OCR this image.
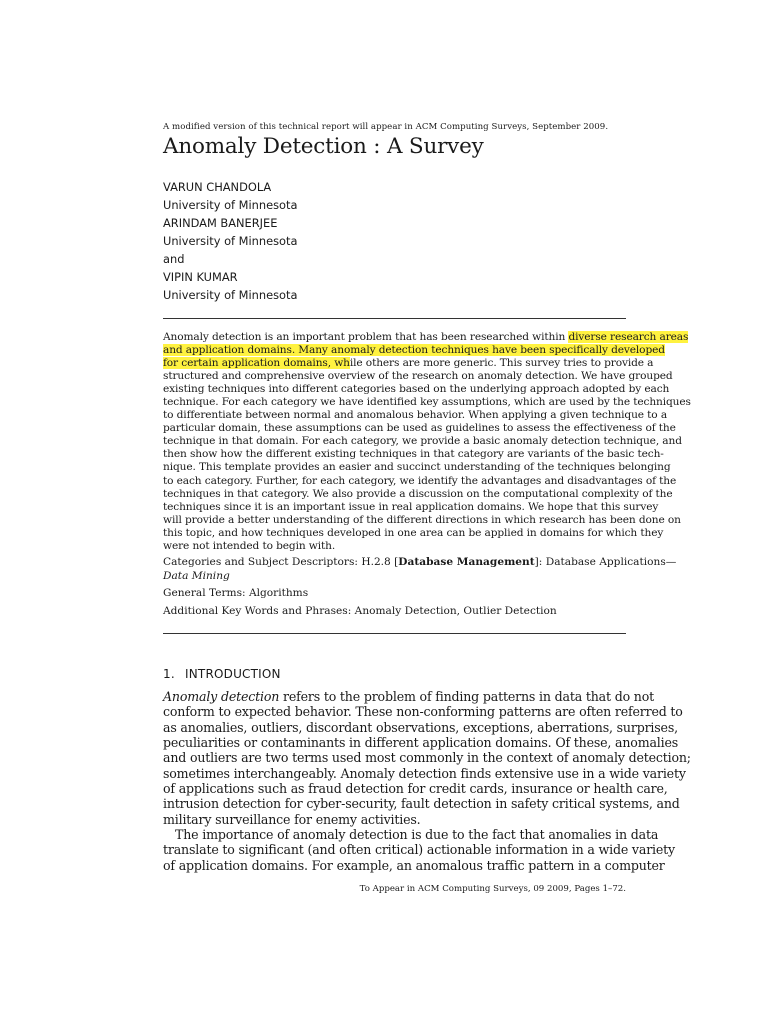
A modified version of this technical report will appear in ACM Computing Surveys, September 2009.
Anomaly Detection : A Survey
VARUN CHANDOLA
University of Minnesota
ARINDAM BANERJEE
University of Minnesota
and
VIPIN KUMAR
University of Minnesota
Anomaly detection is an important problem that has been researched within diverse research areas
and application domains. Many anomaly detection techniques have been specifically developed
for certain application domains, while others are more generic. This survey tries to provide a
structured and comprehensive overview of the research on anomaly detection. We have grouped
existing techniques into different categories based on the underlying approach adopted by each
technique. For each category we have identified key assumptions, which are used by the techniques
to differentiate between normal and anomalous behavior. When applying a given technique to a
particular domain, these assumptions can be used as guidelines to assess the effectiveness of the
technique in that domain. For each category, we provide a basic anomaly detection technique, and
then show how the different existing techniques in that category are variants of the basic tech-
nique. This template provides an easier and succinct understanding of the techniques belonging
to each category. Further, for each category, we identify the advantages and disadvantages of the
techniques in that category. We also provide a discussion on the computational complexity of the
techniques since it is an important issue in real application domains. We hope that this survey
will provide a better understanding of the different directions in which research has been done on
this topic, and how techniques developed in one area can be applied in domains for which they
were not intended to begin with.
Categories and Subject Descriptors: H.2.8 [Database Management]: Database Applications—
Data Mining
General Terms: Algorithms
Additional Key Words and Phrases: Anomaly Detection, Outlier Detection
1. INTRODUCTION
Anomaly detection refers to the problem of finding patterns in data that do not
conform to expected behavior. These non-conforming patterns are often referred to
as anomalies, outliers, discordant observations, exceptions, aberrations, surprises,
peculiarities or contaminants in different application domains. Of these, anomalies
and outliers are two terms used most commonly in the context of anomaly detection;
sometimes interchangeably. Anomaly detection finds extensive use in a wide variety
of applications such as fraud detection for credit cards, insurance or health care,
intrusion detection for cyber-security, fault detection in safety critical systems, and
military surveillance for enemy activities.
The importance of anomaly detection is due to the fact that anomalies in data
translate to significant (and often critical) actionable information in a wide variety
of application domains. For example, an anomalous traffic pattern in a computer
To Appear in ACM Computing Surveys, 09 2009, Pages 1–72.
